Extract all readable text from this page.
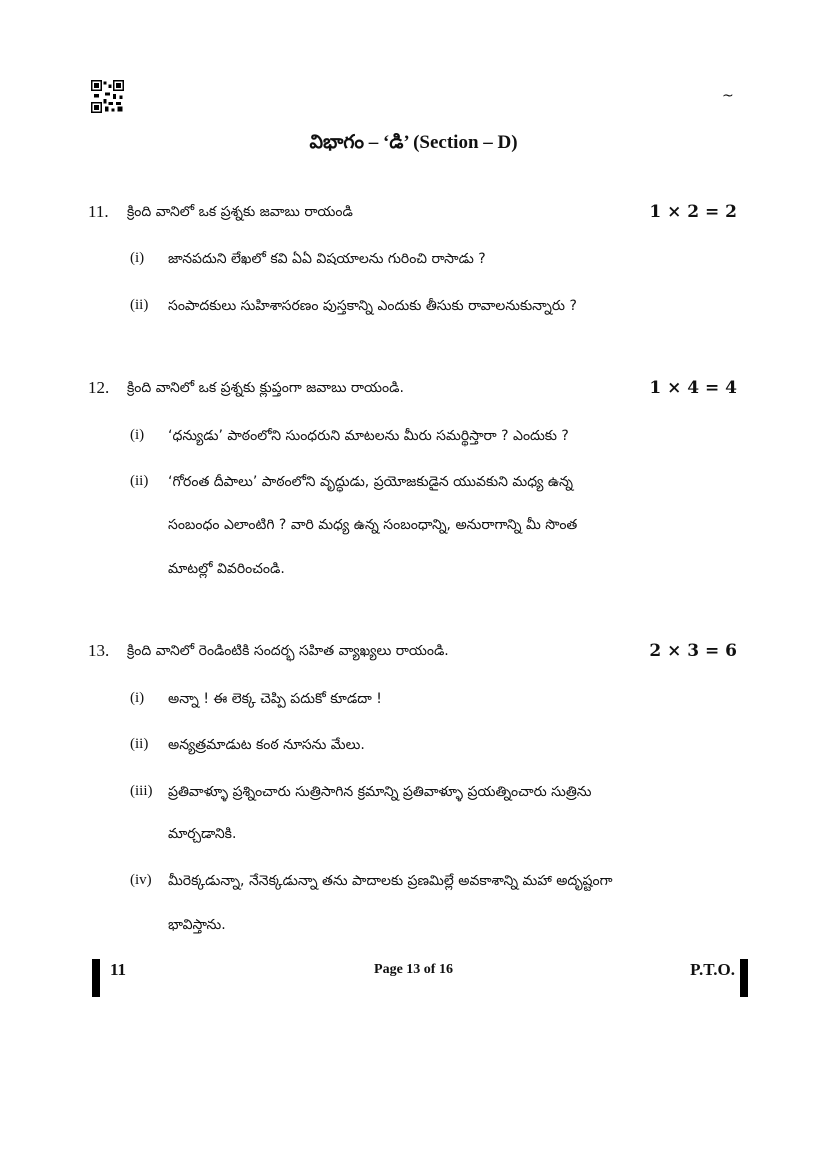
~
విభాగం – ‘డి’ (Section – D)
11. క్రింది వానిలో ఒక ప్రశ్నకు జవాబు రాయండి	1 × 2 = 2
(i) జానపదుని లేఖలో కవి ఏఏ విషయాలను గురించి రాసాడు ?
(ii) సంపాదకులు సుహిశాసరణం పుస్తకాన్ని ఎందుకు తీసుకు రావాలనుకున్నారు ?
12. క్రింది వానిలో ఒక ప్రశ్నకు క్లుప్తంగా జవాబు రాయండి.	1 × 4 = 4
(i) ‘ధన్యుడు’ పాఠంలోని సుంధరుని మాటలను మీరు సమర్థిస్తారా ? ఎందుకు ?
(ii) ‘గోరంత దీపాలు’ పాఠంలోని వృద్ధుడు, ప్రయోజకుడైన యువకుని మధ్య ఉన్న
సంబంధం ఎలాంటిగి ? వారి మధ్య ఉన్న సంబంధాన్ని, అనురాగాన్ని మీ సొంత
మాటల్లో వివరించండి.
13. క్రింది వానిలో రెండింటికి సందర్భ సహిత వ్యాఖ్యలు రాయండి.	2 × 3 = 6
(i) అన్నా ! ఈ లెక్క చెప్పి పదుకో కూడదా !
(ii) అన్యత్రమాడుట కంఠ నూసను మేలు.
(iii) ప్రతివాళ్ళూ ప్రశ్నించారు సుత్రిసాగిన క్రమాన్ని ప్రతివాళ్ళూ ప్రయత్నించారు సుత్రిను
మార్చడానికి.
(iv) మీరెక్కడున్నా, నేనెక్కడున్నా తను పాదాలకు ప్రణమిల్లే అవకాశాన్ని మహా అదృష్టంగా
భావిస్తాను.
11	Page 13 of 16	P.T.O.
